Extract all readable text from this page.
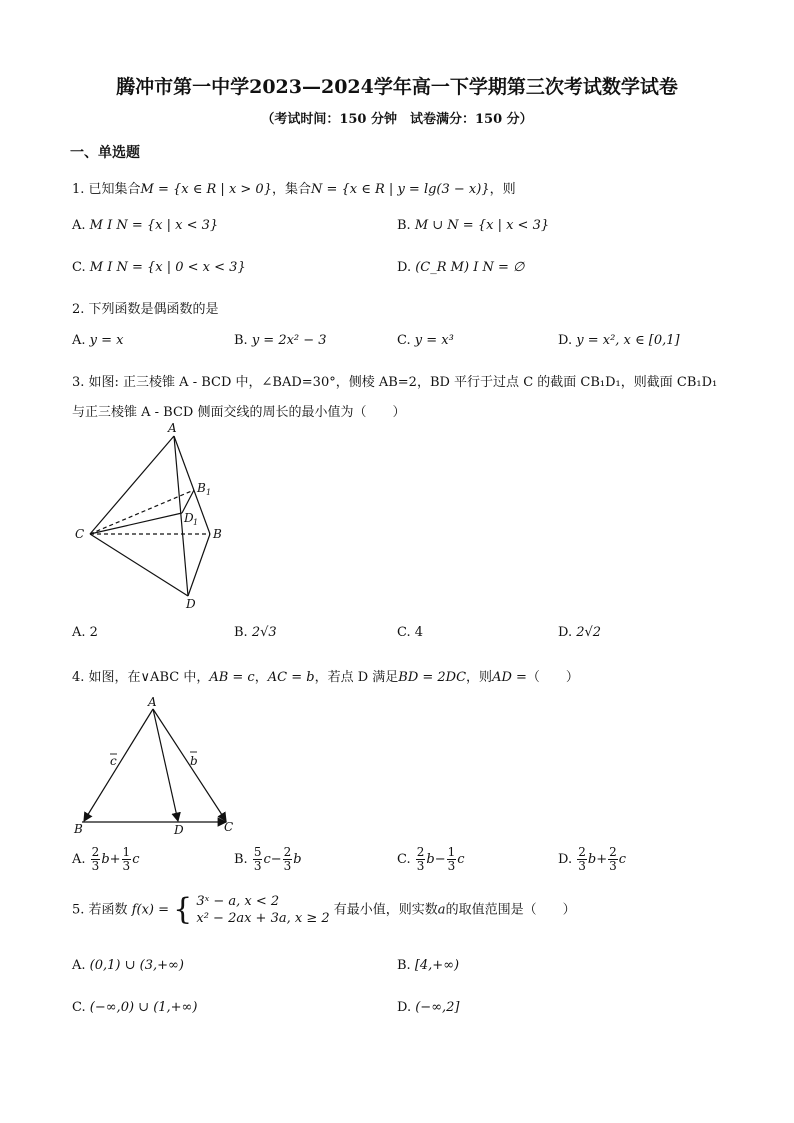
腾冲市第一中学2023—2024学年高一下学期第三次考试数学试卷
（考试时间：150 分钟　试卷满分：150 分）
一、单选题
1. 已知集合M = {x ∈ R | x > 0}，集合N = {x ∈ R | y = lg(3 − x)}，则
A. M I N = {x | x < 3}	B. M ∪ N = {x | x < 3}
C. M I N = {x | 0 < x < 3}	D. (C_R M) I N = ∅
2. 下列函数是偶函数的是
A. y = x	B. y = 2x² − 3	C. y = x³	D. y = x², x ∈ [0,1]
3. 如图: 正三棱锥 A - BCD 中，∠BAD=30°，侧棱 AB=2，BD 平行于过点 C 的截面 CB₁D₁，则截面 CB₁D₁
与正三棱锥 A - BCD 侧面交线的周长的最小值为（　　）
A
B 1
D 1
C	B
D
A. 2	B. 2√3	C. 4	D. 2√2
4. 如图，在∨ABC 中，AB = c，AC = b，若点 D 满足BD = 2DC，则AD =（　　）
A
B	D	C
c	b
A. $\frac{2}{3} b+ \frac{1}{3}$ c	B. $\frac{5}{3} c- \frac{2}{3}$ b	C. $\frac{2}{3} b- \frac{1}{3}$ c	D. $\frac{2}{3} b+ \frac{2}{3}$ c
5. 若函数 f(x) = { 3ˣ − a, x < 2
x² − 2ax + 3a, x ≥ 2
有最小值，则实数a的取值范围是（　　）
A. (0,1) ∪ (3,+∞)	B. [4,+∞)
C. (−∞,0) ∪ (1,+∞)	D. (−∞,2]
